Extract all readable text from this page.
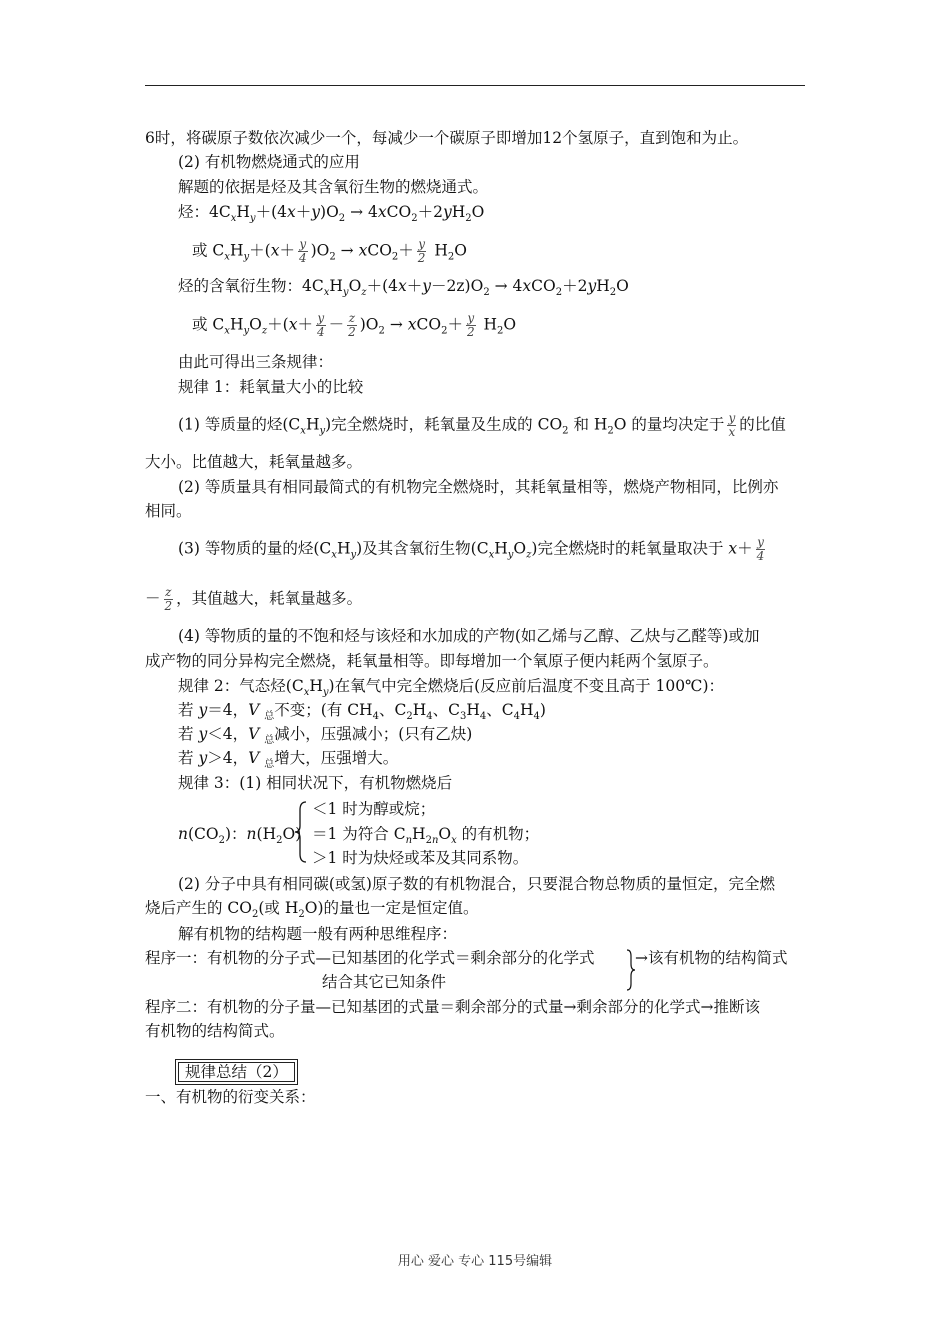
6时，将碳原子数依次减少一个，每减少一个碳原子即增加12个氢原子，直到饱和为止。
(2) 有机物燃烧通式的应用
解题的依据是烃及其含氧衍生物的燃烧通式。
烃：$4C_xH_y+(4x+y)O_2 \to 4xCO_2+2yH_2O$
或 $C_xH_y+(x+ \frac{y}{4} )O_2 \to xCO_2+ \frac{y}{2} H_2O$
烃的含氧衍生物：$4C_xH_yO_z+(4x+y-2z)O_2 \to 4xCO_2+2yH_2O$
或 $C_xH_yO_z+(x+ \frac{y}{4} - \frac{z}{2} )O_2 \to xCO_2+ \frac{y}{2} H_2O$
由此可得出三条规律：
规律 1：耗氧量大小的比较
(1) 等质量的烃$(C_xH_y)$完全燃烧时，耗氧量及生成的 $CO_2$ 和 $H_2O$ 的量均决定于 $\frac{y}{x}$ 的比值
大小。比值越大，耗氧量越多。
(2) 等质量具有相同最简式的有机物完全燃烧时，其耗氧量相等，燃烧产物相同，比例亦
相同。
(3) 等物质的量的烃$(C_xH_y)$及其含氧衍生物$(C_xH_yO_z)$完全燃烧时的耗氧量取决于 $x+ \frac{y}{4}$
－ $\frac{z}{2}$ ，其值越大，耗氧量越多。
(4) 等物质的量的不饱和烃与该烃和水加成的产物(如乙烯与乙醇、乙炔与乙醛等)或加
成产物的同分异构完全燃烧，耗氧量相等。即每增加一个氧原子便内耗两个氢原子。
规律 2：气态烃$(C_xH_y)$在氧气中完全燃烧后(反应前后温度不变且高于 100℃)：
若 y＝4，V $_总$不变；(有 $CH_4$、$C_2H_4$、$C_3H_4$、$C_4H_4$)
若 y＜4，V $_总$减小，压强减小；(只有乙炔)
若 y＞4，V $_总$增大，压强增大。
规律 3：(1) 相同状况下，有机物燃烧后
$n(CO_2)$：$n(H_2O)$
＜1 时为醇或烷；
＝1 为符合 $C_nH_{2n}O_x$ 的有机物；
＞1 时为炔烃或苯及其同系物。
(2) 分子中具有相同碳(或氢)原子数的有机物混合，只要混合物总物质的量恒定，完全燃
烧后产生的 $CO_2$(或 $H_2O$)的量也一定是恒定值。
解有机物的结构题一般有两种思维程序：
程序一：有机物的分子式—已知基团的化学式＝剩余部分的化学式	→该有机物的结构简式
结合其它已知条件
程序二：有机物的分子量—已知基团的式量＝剩余部分的式量→剩余部分的化学式→推断该
有机物的结构简式。
规律总结（2）
一、有机物的衍变关系：
用心 爱心 专心 115号编辑
